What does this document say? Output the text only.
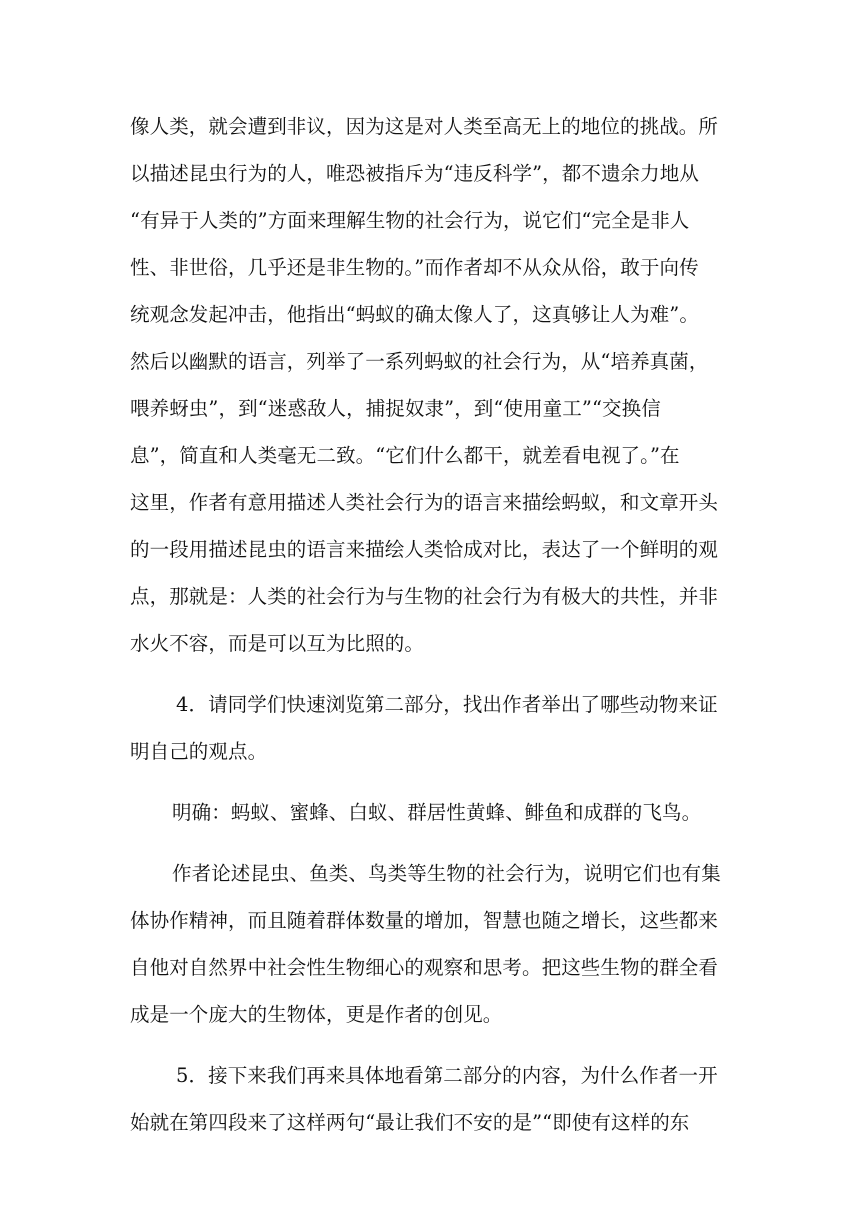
像人类，就会遭到非议，因为这是对人类至高无上的地位的挑战。所
以描述昆虫行为的人，唯恐被指斥为“违反科学”，都不遗余力地从
“有异于人类的”方面来理解生物的社会行为，说它们“完全是非人
性、非世俗，几乎还是非生物的。”而作者却不从众从俗，敢于向传
统观念发起冲击，他指出“蚂蚁的确太像人了，这真够让人为难”。
然后以幽默的语言，列举了一系列蚂蚁的社会行为，从“培养真菌，
喂养蚜虫”，到“迷惑敌人，捕捉奴隶”，到“使用童工”“交换信
息”，简直和人类毫无二致。“它们什么都干，就差看电视了。”在
这里，作者有意用描述人类社会行为的语言来描绘蚂蚁，和文章开头
的一段用描述昆虫的语言来描绘人类恰成对比，表达了一个鲜明的观
点，那就是：人类的社会行为与生物的社会行为有极大的共性，并非
水火不容，而是可以互为比照的。
4．请同学们快速浏览第二部分，找出作者举出了哪些动物来证
明自己的观点。
明确：蚂蚁、蜜蜂、白蚁、群居性黄蜂、鲱鱼和成群的飞鸟。
作者论述昆虫、鱼类、鸟类等生物的社会行为，说明它们也有集
体协作精神，而且随着群体数量的增加，智慧也随之增长，这些都来
自他对自然界中社会性生物细心的观察和思考。把这些生物的群全看
成是一个庞大的生物体，更是作者的创见。
5．接下来我们再来具体地看第二部分的内容，为什么作者一开
始就在第四段来了这样两句“最让我们不安的是”“即使有这样的东
